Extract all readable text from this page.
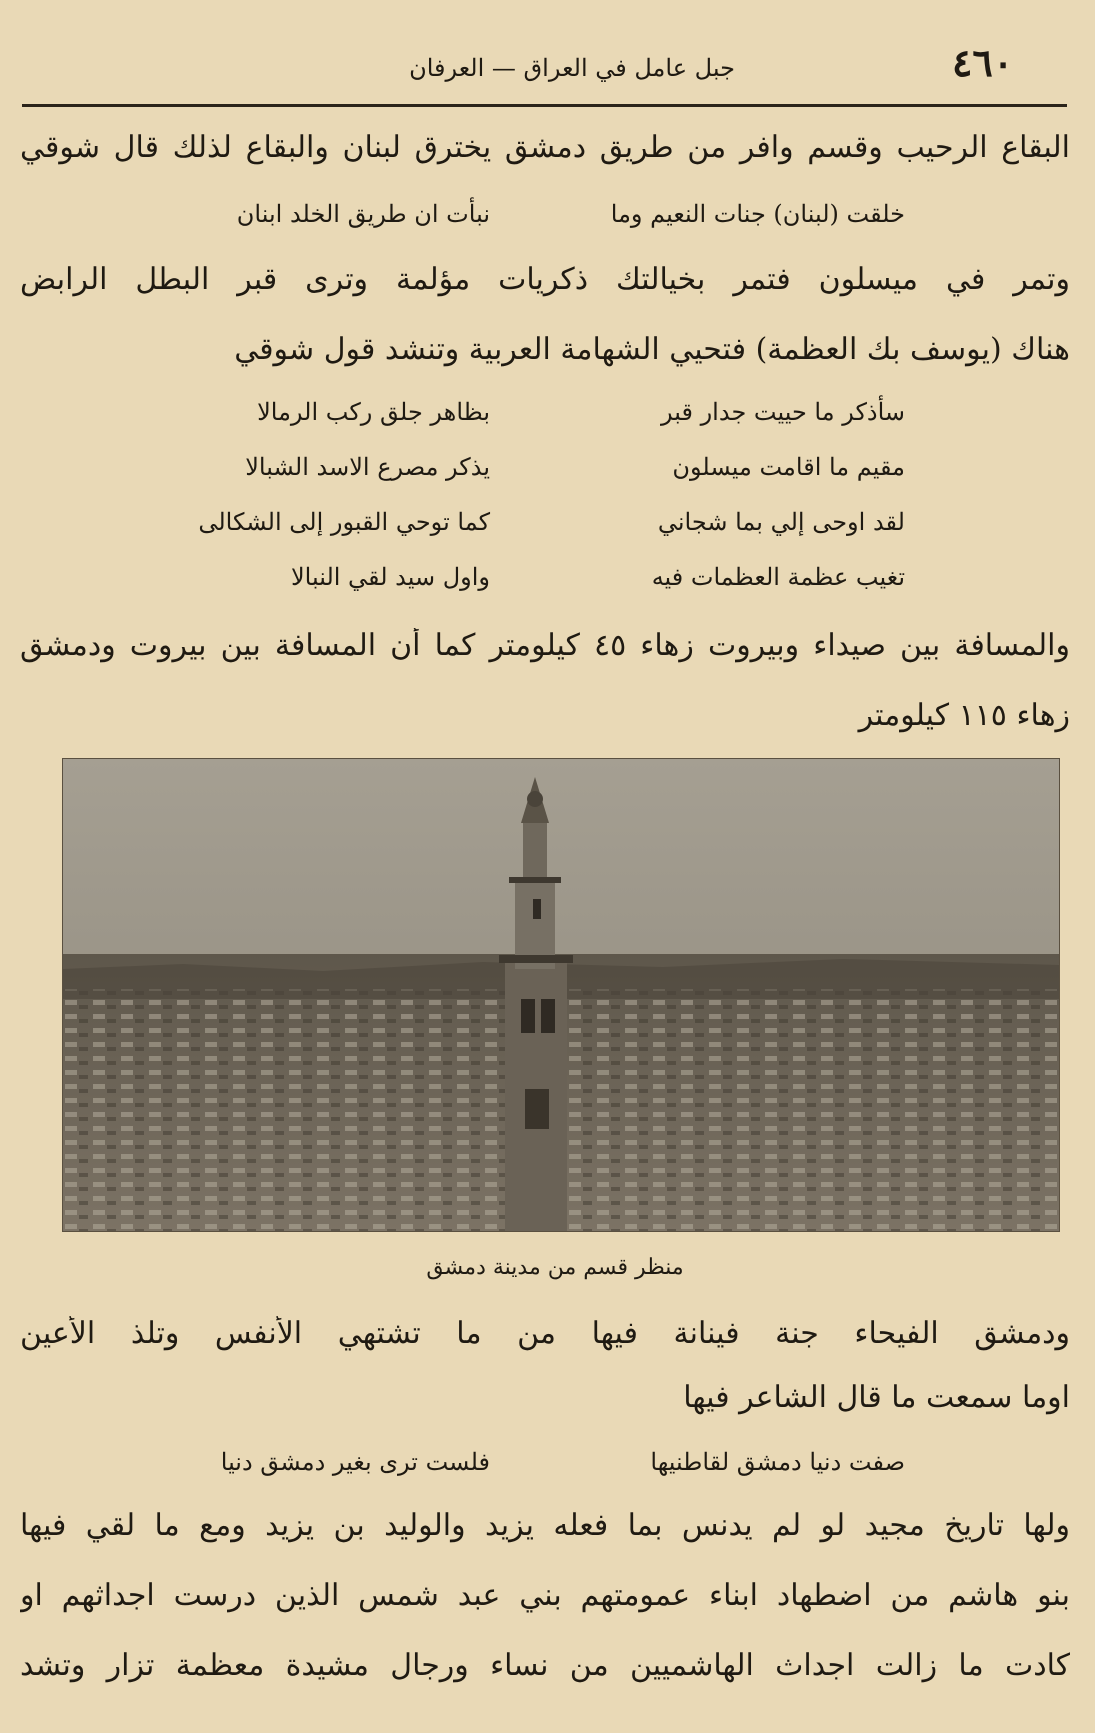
٤٦٠
جبل عامل في العراق — العرفان
البقاع الرحيب وقسم وافر من طريق دمشق يخترق لبنان والبقاع لذلك قال شوقي
خلقت (لبنان) جنات النعيم وما
نبأت ان طريق الخلد ابنان
وتمر في ميسلون فتمر بخيالتك ذكريات مؤلمة وترى قبر البطل الرابض
هناك (يوسف بك العظمة) فتحيي الشهامة العربية وتنشد قول شوقي
سأذكر ما حييت جدار قبر
بظاهر جلق ركب الرمالا
مقيم ما اقامت ميسلون
يذكر مصرع الاسد الشبالا
لقد اوحى إلي بما شجاني
كما توحي القبور إلى الشكالى
تغيب عظمة العظمات فيه
واول سيد لقي النبالا
والمسافة بين صيداء وبيروت زهاء ٤٥ كيلومتر كما أن المسافة بين بيروت ودمشق
زهاء ١١٥ كيلومتر
منظر قسم من مدينة دمشق
ودمشق الفيحاء جنة فينانة فيها من ما تشتهي الأنفس وتلذ الأعين
اوما سمعت ما قال الشاعر فيها
صفت دنيا دمشق لقاطنيها
فلست ترى بغير دمشق دنيا
ولها تاريخ مجيد لو لم يدنس بما فعله يزيد والوليد بن يزيد ومع ما لقي فيها
بنو هاشم من اضطهاد ابناء عمومتهم بني عبد شمس الذين درست اجداثهم او
كادت ما زالت اجداث الهاشميين من نساء ورجال مشيدة معظمة تزار وتشد
